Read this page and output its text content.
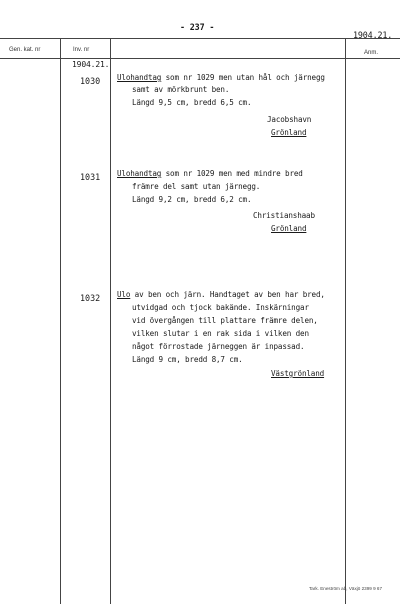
- 237 -
1904.21.
Gen. kat. nr	Inv. nr	Anm.
1904.21.
1030 Ulohandtag som nr 1029 men utan hål och järnegg
samt av mörkbrunt ben.
Längd 9,5 cm, bredd 6,5 cm.
Jacobshavn
Grönland
1031 Ulohandtag som nr 1029 men med mindre bred
främre del samt utan järnegg.
Längd 9,2 cm, bredd 6,2 cm.
Christianshaab
Grönland
1032 Ulo av ben och järn. Handtaget av ben har bred,
utvidgad och tjock bakände. Inskärningar
vid övergången till plattare främre delen,
vilken slutar i en rak sida i vilken den
något förrostade järneggen är inpassad.
Längd 9 cm, bredd 8,7 cm.
Västgrönland
Tark. Eneström ab, Växjö 2399 9 67
